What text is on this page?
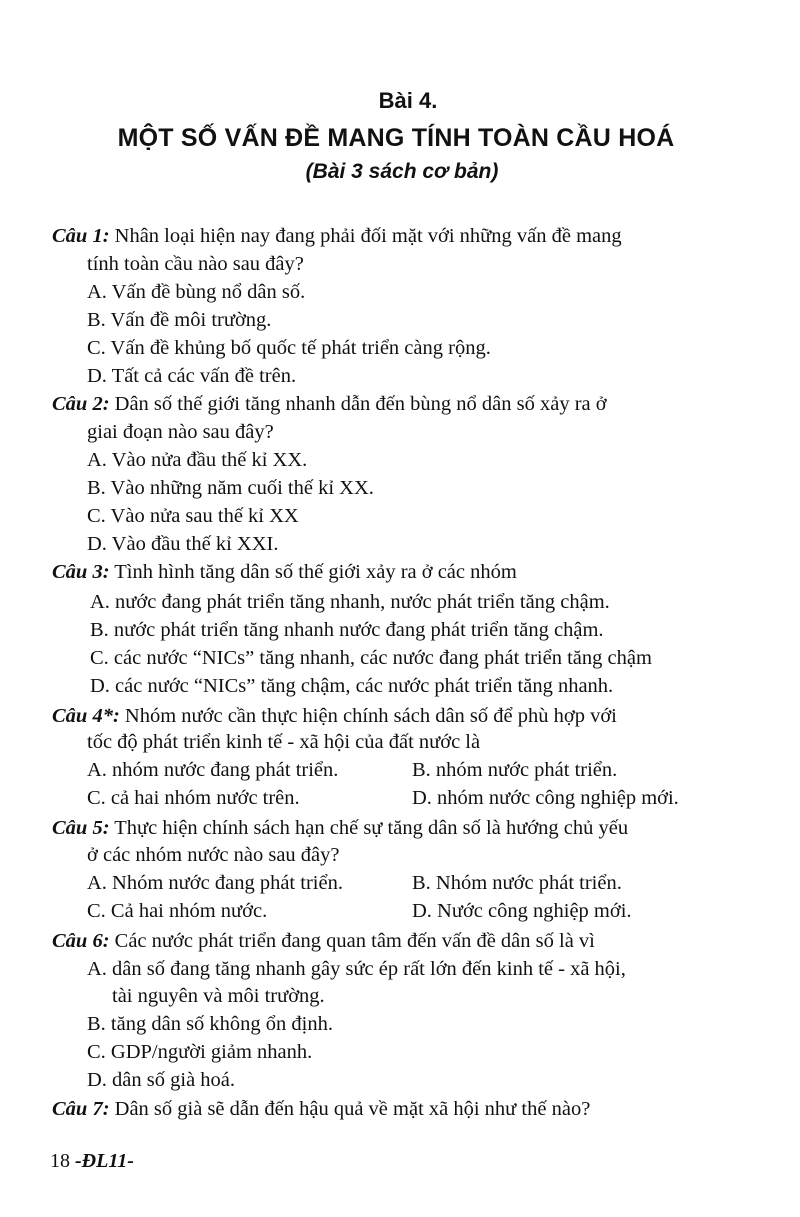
Bài 4.
MỘT SỐ VẤN ĐỀ MANG TÍNH TOÀN CẦU HOÁ
(Bài 3 sách cơ bản)
Câu 1: Nhân loại hiện nay đang phải đối mặt với những vấn đề mang
tính toàn cầu nào sau đây?
A. Vấn đề bùng nổ dân số.
B. Vấn đề môi trường.
C. Vấn đề khủng bố quốc tế phát triển càng rộng.
D. Tất cả các vấn đề trên.
Câu 2: Dân số thế giới tăng nhanh dẫn đến bùng nổ dân số xảy ra ở
giai đoạn nào sau đây?
A. Vào nửa đầu thế kỉ XX.
B. Vào những năm cuối thế kỉ XX.
C. Vào nửa sau thế kỉ XX
D. Vào đầu thế kỉ XXI.
Câu 3: Tình hình tăng dân số thế giới xảy ra ở các nhóm
A. nước đang phát triển tăng nhanh, nước phát triển tăng chậm.
B. nước phát triển tăng nhanh nước đang phát triển tăng chậm.
C. các nước “NICs” tăng nhanh, các nước đang phát triển tăng chậm
D. các nước “NICs” tăng chậm, các nước phát triển tăng nhanh.
Câu 4*: Nhóm nước cần thực hiện chính sách dân số để phù hợp với
tốc độ phát triển kinh tế - xã hội của đất nước là
A. nhóm nước đang phát triển.	B. nhóm nước phát triển.
C. cả hai nhóm nước trên.	D. nhóm nước công nghiệp mới.
Câu 5: Thực hiện chính sách hạn chế sự tăng dân số là hướng chủ yếu
ở các nhóm nước nào sau đây?
A. Nhóm nước đang phát triển.	B. Nhóm nước phát triển.
C. Cả hai nhóm nước.	D. Nước công nghiệp mới.
Câu 6: Các nước phát triển đang quan tâm đến vấn đề dân số là vì
A. dân số đang tăng nhanh gây sức ép rất lớn đến kinh tế - xã hội,
tài nguyên và môi trường.
B. tăng dân số không ổn định.
C. GDP/người giảm nhanh.
D. dân số già hoá.
Câu 7: Dân số già sẽ dẫn đến hậu quả về mặt xã hội như thế nào?
18 -ĐL11-
